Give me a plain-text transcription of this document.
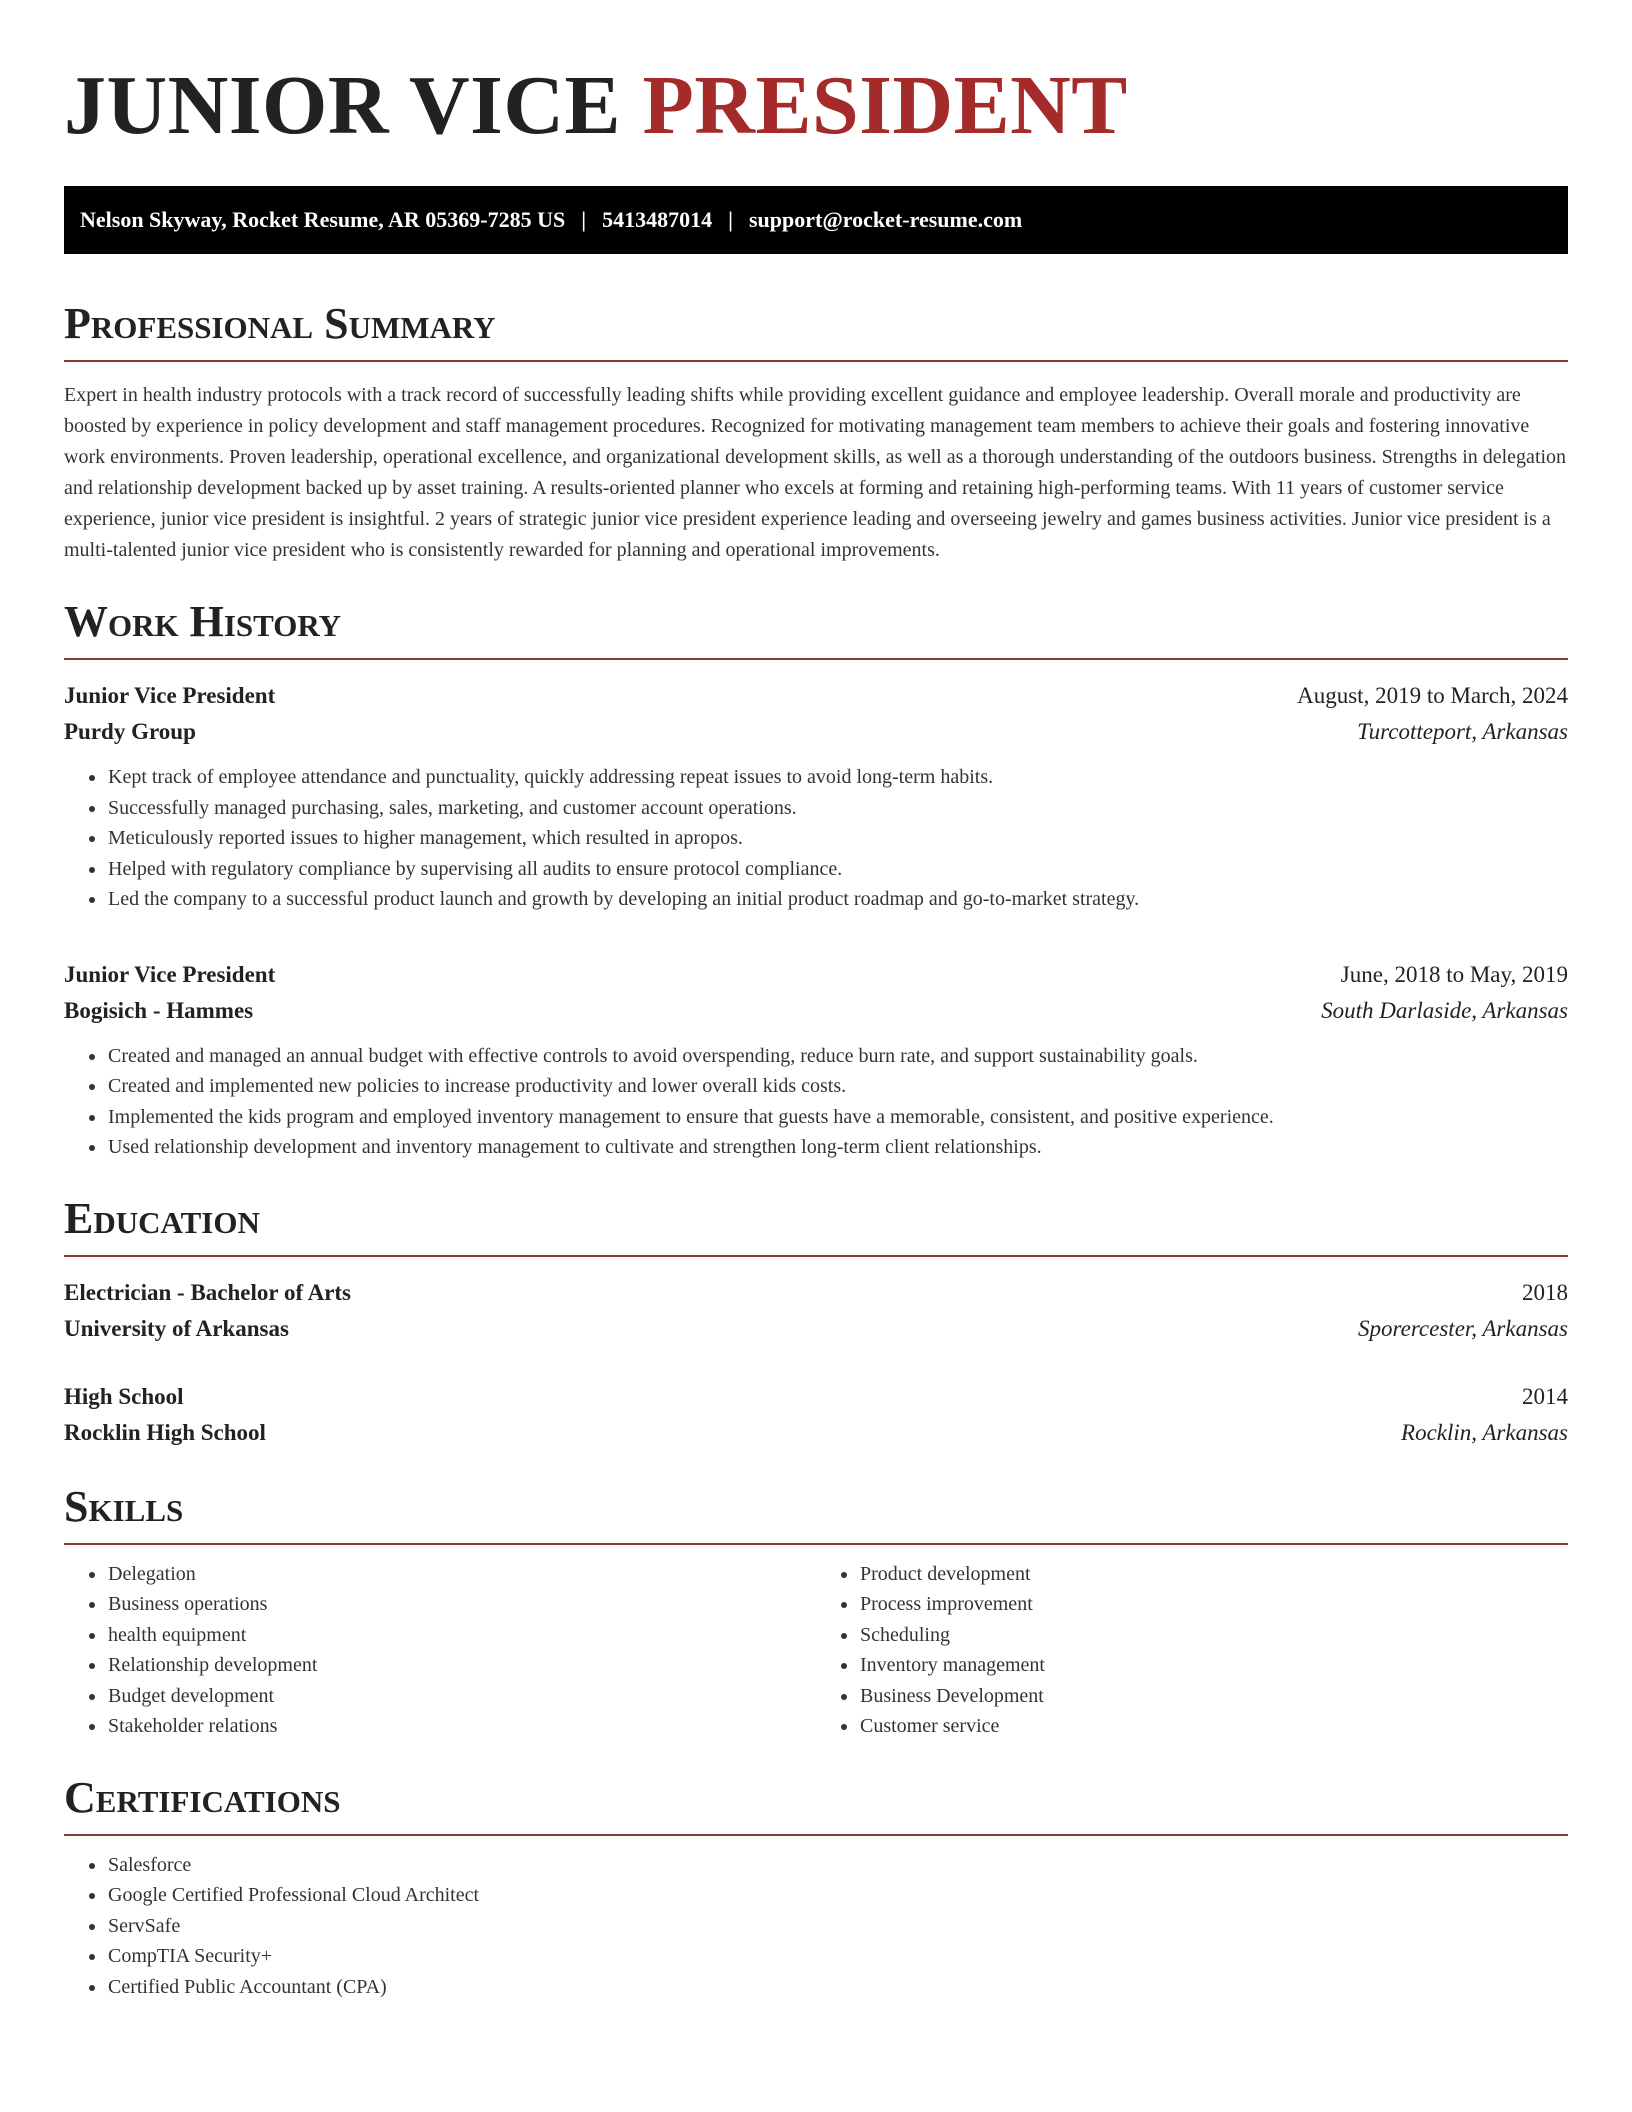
JUNIOR VICE PRESIDENT
Nelson Skyway, Rocket Resume, AR 05369-7285 US | 5413487014 | support@rocket-resume.com
Professional Summary

Expert in health industry protocols with a track record of successfully leading shifts while providing excellent guidance and employee leadership. Overall morale and productivity are boosted by experience in policy development and staff management procedures. Recognized for motivating management team members to achieve their goals and fostering innovative work environments. Proven leadership, operational excellence, and organizational development skills, as well as a thorough understanding of the outdoors business. Strengths in delegation and relationship development backed up by asset training. A results-oriented planner who excels at forming and retaining high-performing teams. With 11 years of customer service experience, junior vice president is insightful. 2 years of strategic junior vice president experience leading and overseeing jewelry and games business activities. Junior vice president is a multi-talented junior vice president who is consistently rewarded for planning and operational improvements.

Work History
Junior Vice President	August, 2019 to March, 2024
Purdy Group	Turcotteport, Arkansas
• Kept track of employee attendance and punctuality, quickly addressing repeat issues to avoid long-term habits.
• Successfully managed purchasing, sales, marketing, and customer account operations.
• Meticulously reported issues to higher management, which resulted in apropos.
• Helped with regulatory compliance by supervising all audits to ensure protocol compliance.
• Led the company to a successful product launch and growth by developing an initial product roadmap and go-to-market strategy.
Junior Vice President	June, 2018 to May, 2019
Bogisich - Hammes	South Darlaside, Arkansas
• Created and managed an annual budget with effective controls to avoid overspending, reduce burn rate, and support sustainability goals.
• Created and implemented new policies to increase productivity and lower overall kids costs.
• Implemented the kids program and employed inventory management to ensure that guests have a memorable, consistent, and positive experience.
• Used relationship development and inventory management to cultivate and strengthen long-term client relationships.
Education
Electrician - Bachelor of Arts	2018
University of Arkansas	Sporercester, Arkansas
High School	2014
Rocklin High School	Rocklin, Arkansas
Skills
• Delegation
• Business operations
• health equipment
• Relationship development
• Budget development
• Stakeholder relations
• Product development
• Process improvement
• Scheduling
• Inventory management
• Business Development
• Customer service
Certifications
• Salesforce
• Google Certified Professional Cloud Architect
• ServSafe
• CompTIA Security+
• Certified Public Accountant (CPA)
